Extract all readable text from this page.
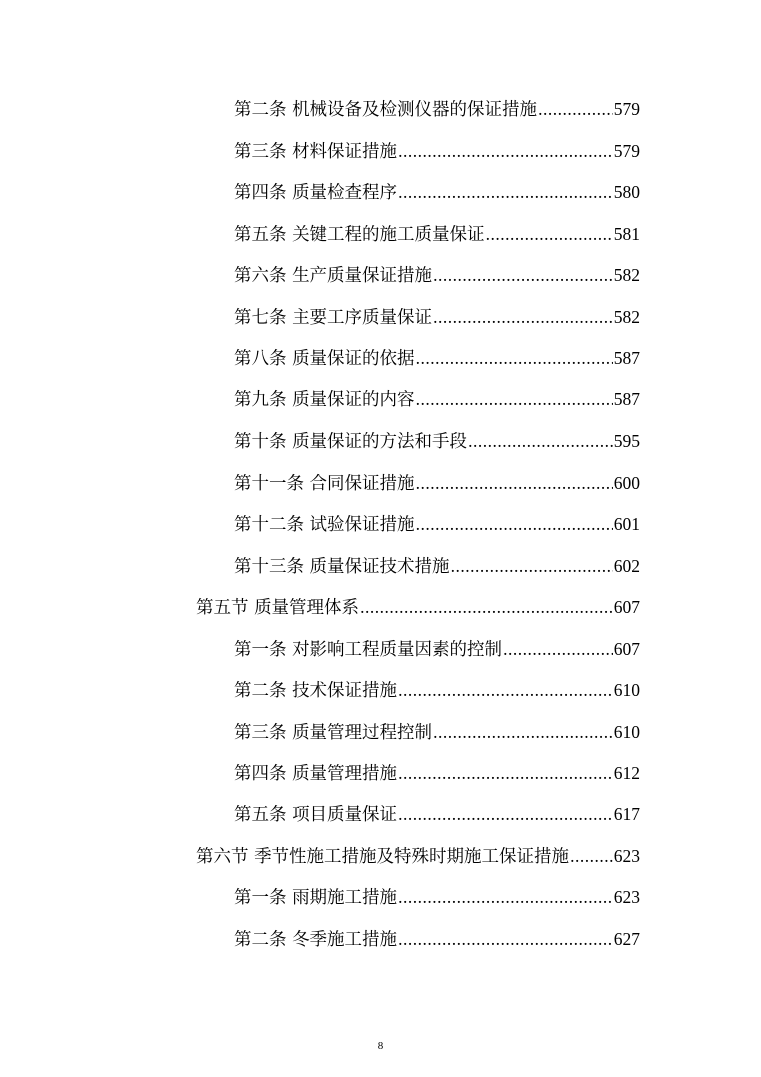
第二条 机械设备及检测仪器的保证措施 .....	579
第三条 材料保证措施 .....	579
第四条 质量检查程序 .....	580
第五条 关键工程的施工质量保证 .....	581
第六条 生产质量保证措施 .....	582
第七条 主要工序质量保证 .....	582
第八条 质量保证的依据 .....	587
第九条 质量保证的内容 .....	587
第十条 质量保证的方法和手段 .....	595
第十一条 合同保证措施 .....	600
第十二条 试验保证措施 .....	601
第十三条 质量保证技术措施 .....	602
第五节 质量管理体系 .....	607
第一条 对影响工程质量因素的控制 .....	607
第二条 技术保证措施 .....	610
第三条 质量管理过程控制 .....	610
第四条 质量管理措施 .....	612
第五条 项目质量保证 .....	617
第六节 季节性施工措施及特殊时期施工保证措施 .....	623
第一条 雨期施工措施 .....	623
第二条 冬季施工措施 .....	627
8
